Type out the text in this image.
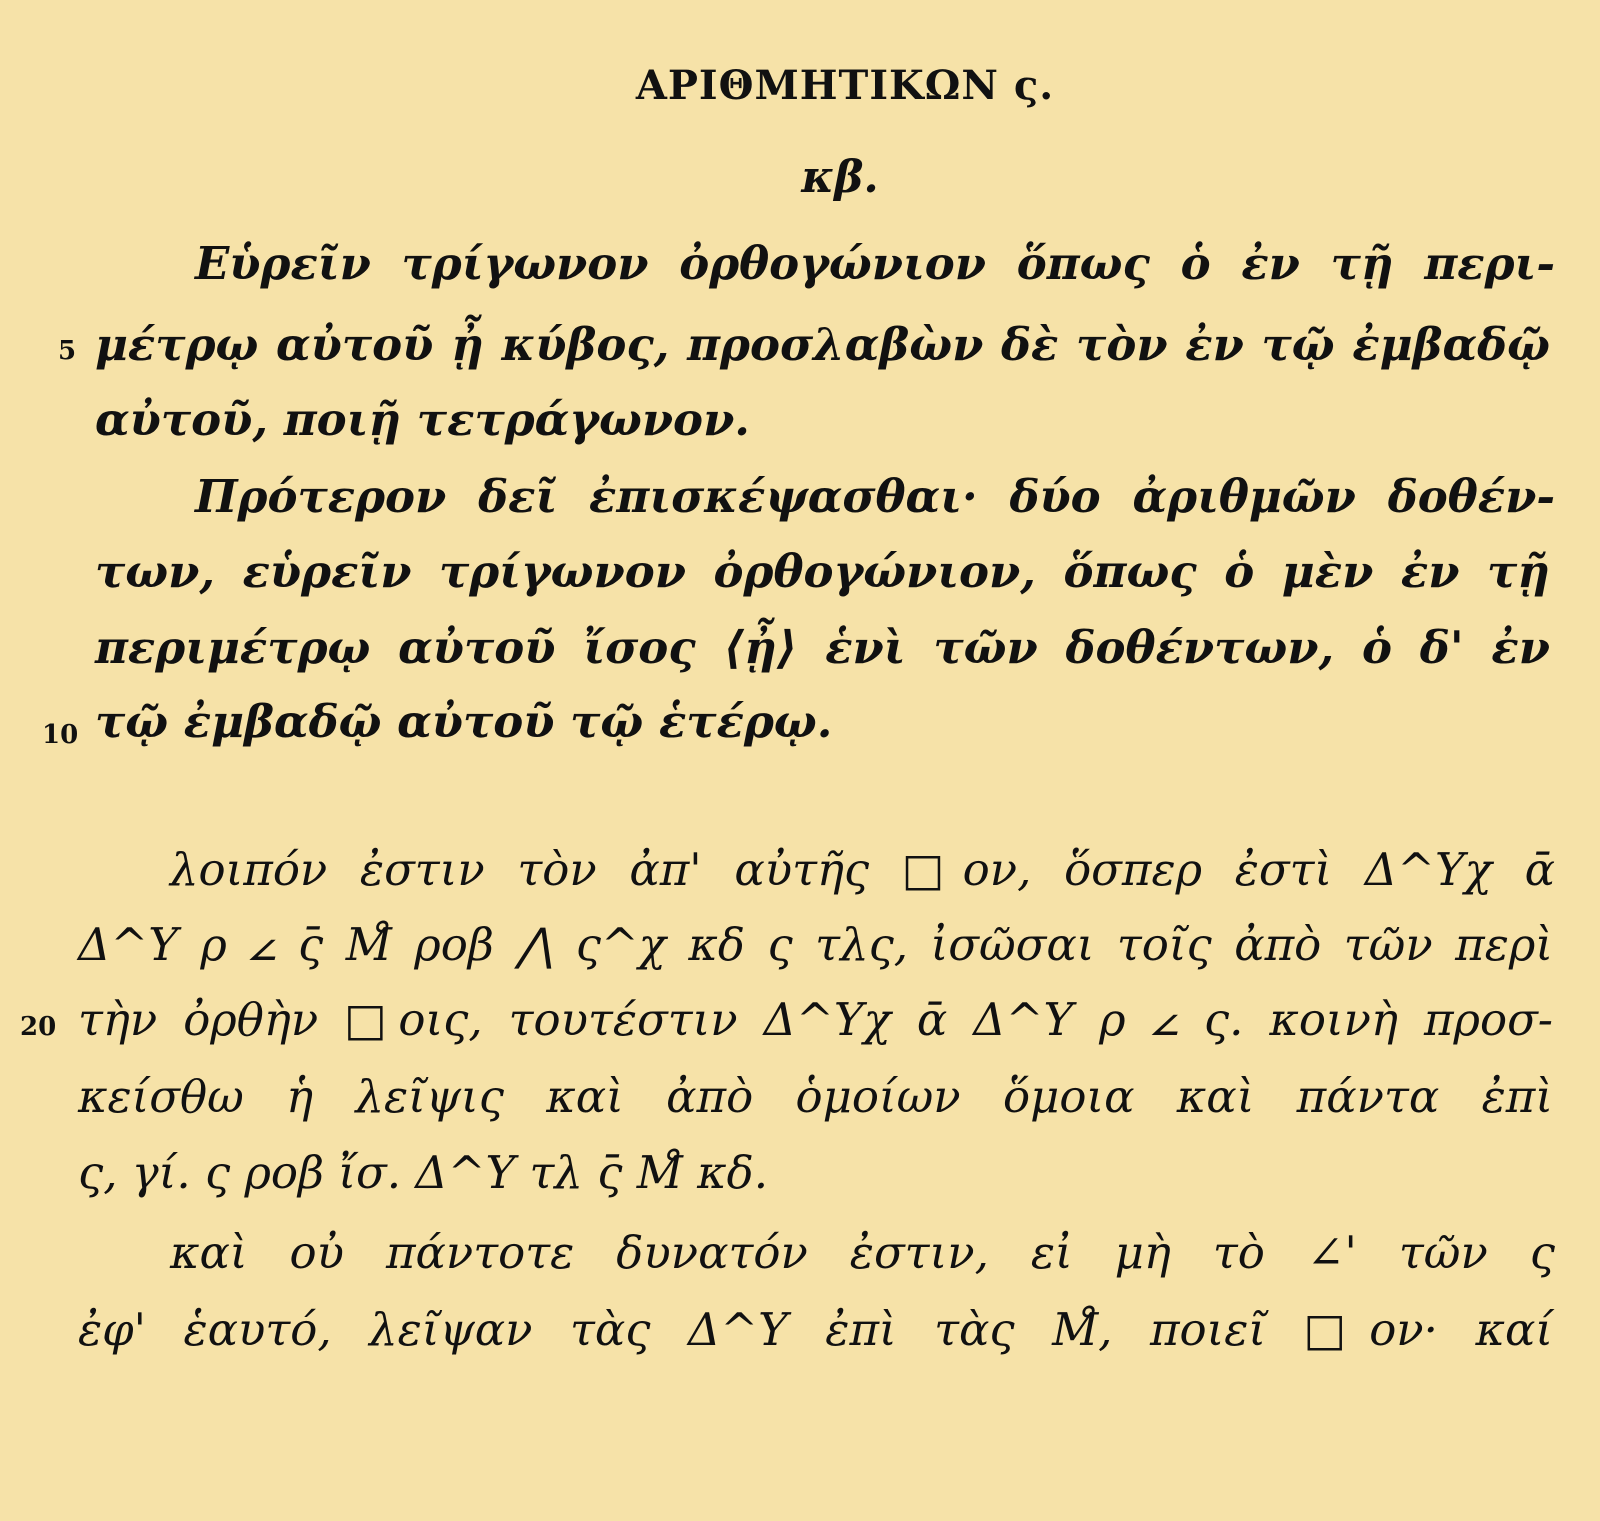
ΑΡΙΘΜΗΤΙΚΩΝ ς.
κβ.
Εὑρεῖν τρίγωνον ὀρθογώνιον ὅπως ὁ ἐν τῇ περι-
5 μέτρῳ αὐτοῦ ᾖ κύβος, προσλαβὼν δὲ τὸν ἐν τῷ ἐμβαδῷ
αὐτοῦ, ποιῇ τετράγωνον.
Πρότερον δεῖ ἐπισκέψασθαι· δύο ἀριθμῶν δοθέν-
των, εὑρεῖν τρίγωνον ὀρθογώνιον, ὅπως ὁ μὲν ἐν τῇ
περιμέτρῳ αὐτοῦ ἴσος ⟨ᾖ⟩ ἑνὶ τῶν δοθέντων, ὁ δ' ἐν
10 τῷ ἐμβαδῷ αὐτοῦ τῷ ἑτέρῳ.
λοιπόν ἐστιν τὸν ἀπ' αὐτῆς □ον, ὅσπερ ἐστὶ Δ^Υχ ᾱ
Δ^Υ ρ 𐅵 ς̄ Μ̊ ροβ ⋀ ς^χ κδ ς τλς, ἰσῶσαι τοῖς ἀπὸ τῶν περὶ
20 τὴν ὀρθὴν □οις, τουτέστιν Δ^Υχ ᾱ Δ^Υ ρ 𐅵 ς. κοινὴ προσ-
κείσθω ἡ λεῖψις καὶ ἀπὸ ὁμοίων ὅμοια καὶ πάντα ἐπὶ
ς, γί. ς ροβ ἴσ. Δ^Υ τλ ς̄ Μ̊ κδ.
καὶ οὐ πάντοτε δυνατόν ἐστιν, εἰ μὴ τὸ ∠' τῶν ς
ἐφ' ἑαυτό, λεῖψαν τὰς Δ^Υ ἐπὶ τὰς Μ̊, ποιεῖ □ον· καί
